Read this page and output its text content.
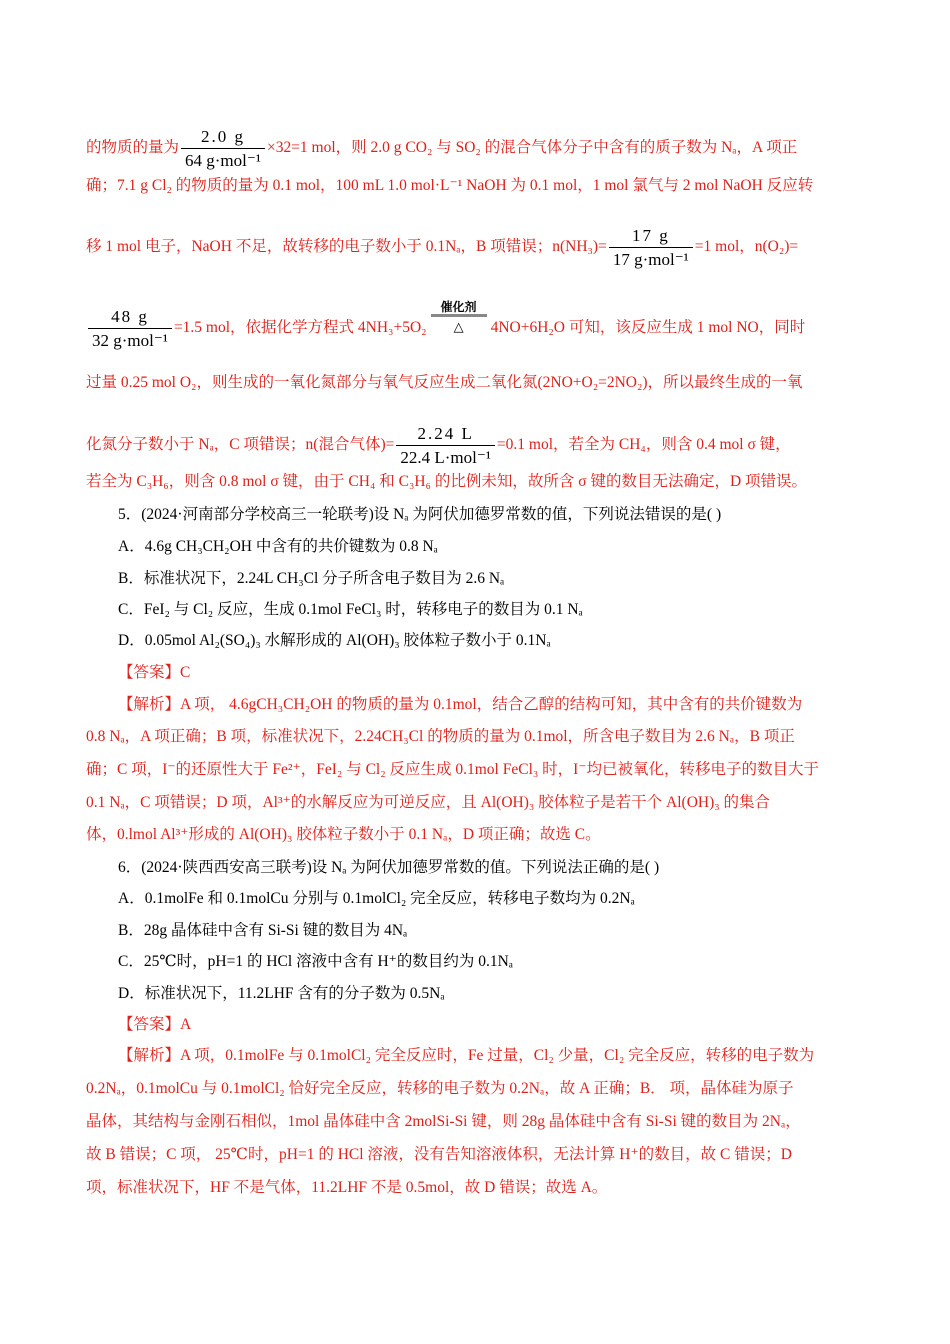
的物质的量为 $\frac{2.0 g}{\text{64 g·mol⁻¹}} \times 32=1$ mol，则 2.0 g CO₂ 与 SO₂ 的混合气体分子中含有的质子数为 Nₐ，A 项正
确；7.1 g Cl₂ 的物质的量为 0.1 mol，100 mL 1.0 mol·L⁻¹ NaOH 为 0.1 mol，1 mol 氯气与 2 mol NaOH 反应转
移 1 mol 电子，NaOH 不足，故转移的电子数小于 0.1Nₐ，B 项错误；$n(NH_3)= \frac{17 g}{\text{17 g·mol⁻¹}} =1$ mol，n(O₂)=
$\frac{48 g}{\text{32 g·mol⁻¹}} =1.5$ mol，依据化学方程式 4NH₃+5O₂
催化剂
△	4NO+6H₂O 可知，该反应生成 1 mol NO，同时
过量 0.25 mol O₂，则生成的一氧化氮部分与氧气反应生成二氧化氮(2NO+O₂=2NO₂)，所以最终生成的一氧
化氮分子数小于 Nₐ，C 项错误；n(混合气体)= $\frac{2.24 L}{\text{22.4 L·mol⁻¹}} =0.1$ mol，若全为 CH₄，则含 0.4 mol σ 键，
若全为 C₃H₆，则含 0.8 mol σ 键，由于 CH₄ 和 C₃H₆ 的比例未知，故所含 σ 键的数目无法确定，D 项错误。
5．(2024·河南部分学校高三一轮联考)设 Nₐ 为阿伏加德罗常数的值，下列说法错误的是( )
A．4.6g CH₃CH₂OH 中含有的共价键数为 0.8 Nₐ
B．标准状况下，2.24L CH₃Cl 分子所含电子数目为 2.6 Nₐ
C．FeI₂ 与 Cl₂ 反应，生成 0.1mol FeCl₃ 时，转移电子的数目为 0.1 Nₐ
D．0.05mol Al₂(SO₄)₃ 水解形成的 Al(OH)₃ 胶体粒子数小于 0.1Nₐ
【答案】C
【解析】A 项， 4.6gCH₃CH₂OH 的物质的量为 0.1mol，结合乙醇的结构可知，其中含有的共价键数为
0.8 Nₐ，A 项正确；B 项，标准状况下，2.24CH₃Cl 的物质的量为 0.1mol，所含电子数目为 2.6 Nₐ，B 项正
确；C 项，I⁻的还原性大于 Fe²⁺，FeI₂ 与 Cl₂ 反应生成 0.1mol FeCl₃ 时，I⁻均已被氧化，转移电子的数目大于
0.1 Nₐ，C 项错误；D 项，Al³⁺的水解反应为可逆反应，且 Al(OH)₃ 胶体粒子是若干个 Al(OH)₃ 的集合
体，0.lmol Al³⁺形成的 Al(OH)₃ 胶体粒子数小于 0.1 Nₐ，D 项正确；故选 C。
6．(2024·陕西西安高三联考)设 Nₐ 为阿伏加德罗常数的值。下列说法正确的是( )
A．0.1molFe 和 0.1molCu 分别与 0.1molCl₂ 完全反应，转移电子数均为 0.2Nₐ
B．28g 晶体硅中含有 Si-Si 键的数目为 4Nₐ
C．25℃时，pH=1 的 HCl 溶液中含有 H⁺的数目约为 0.1Nₐ
D．标准状况下，11.2LHF 含有的分子数为 0.5Nₐ
【答案】A
【解析】A 项，0.1molFe 与 0.1molCl₂ 完全反应时，Fe 过量，Cl₂ 少量，Cl₂ 完全反应，转移的电子数为
0.2Nₐ，0.1molCu 与 0.1molCl₂ 恰好完全反应，转移的电子数为 0.2Nₐ，故 A 正确；B． 项，晶体硅为原子
晶体，其结构与金刚石相似，1mol 晶体硅中含 2molSi-Si 键，则 28g 晶体硅中含有 Si-Si 键的数目为 2Nₐ，
故 B 错误；C 项， 25℃时，pH=1 的 HCl 溶液，没有告知溶液体积，无法计算 H⁺的数目，故 C 错误；D
项，标准状况下，HF 不是气体，11.2LHF 不是 0.5mol，故 D 错误；故选 A。
